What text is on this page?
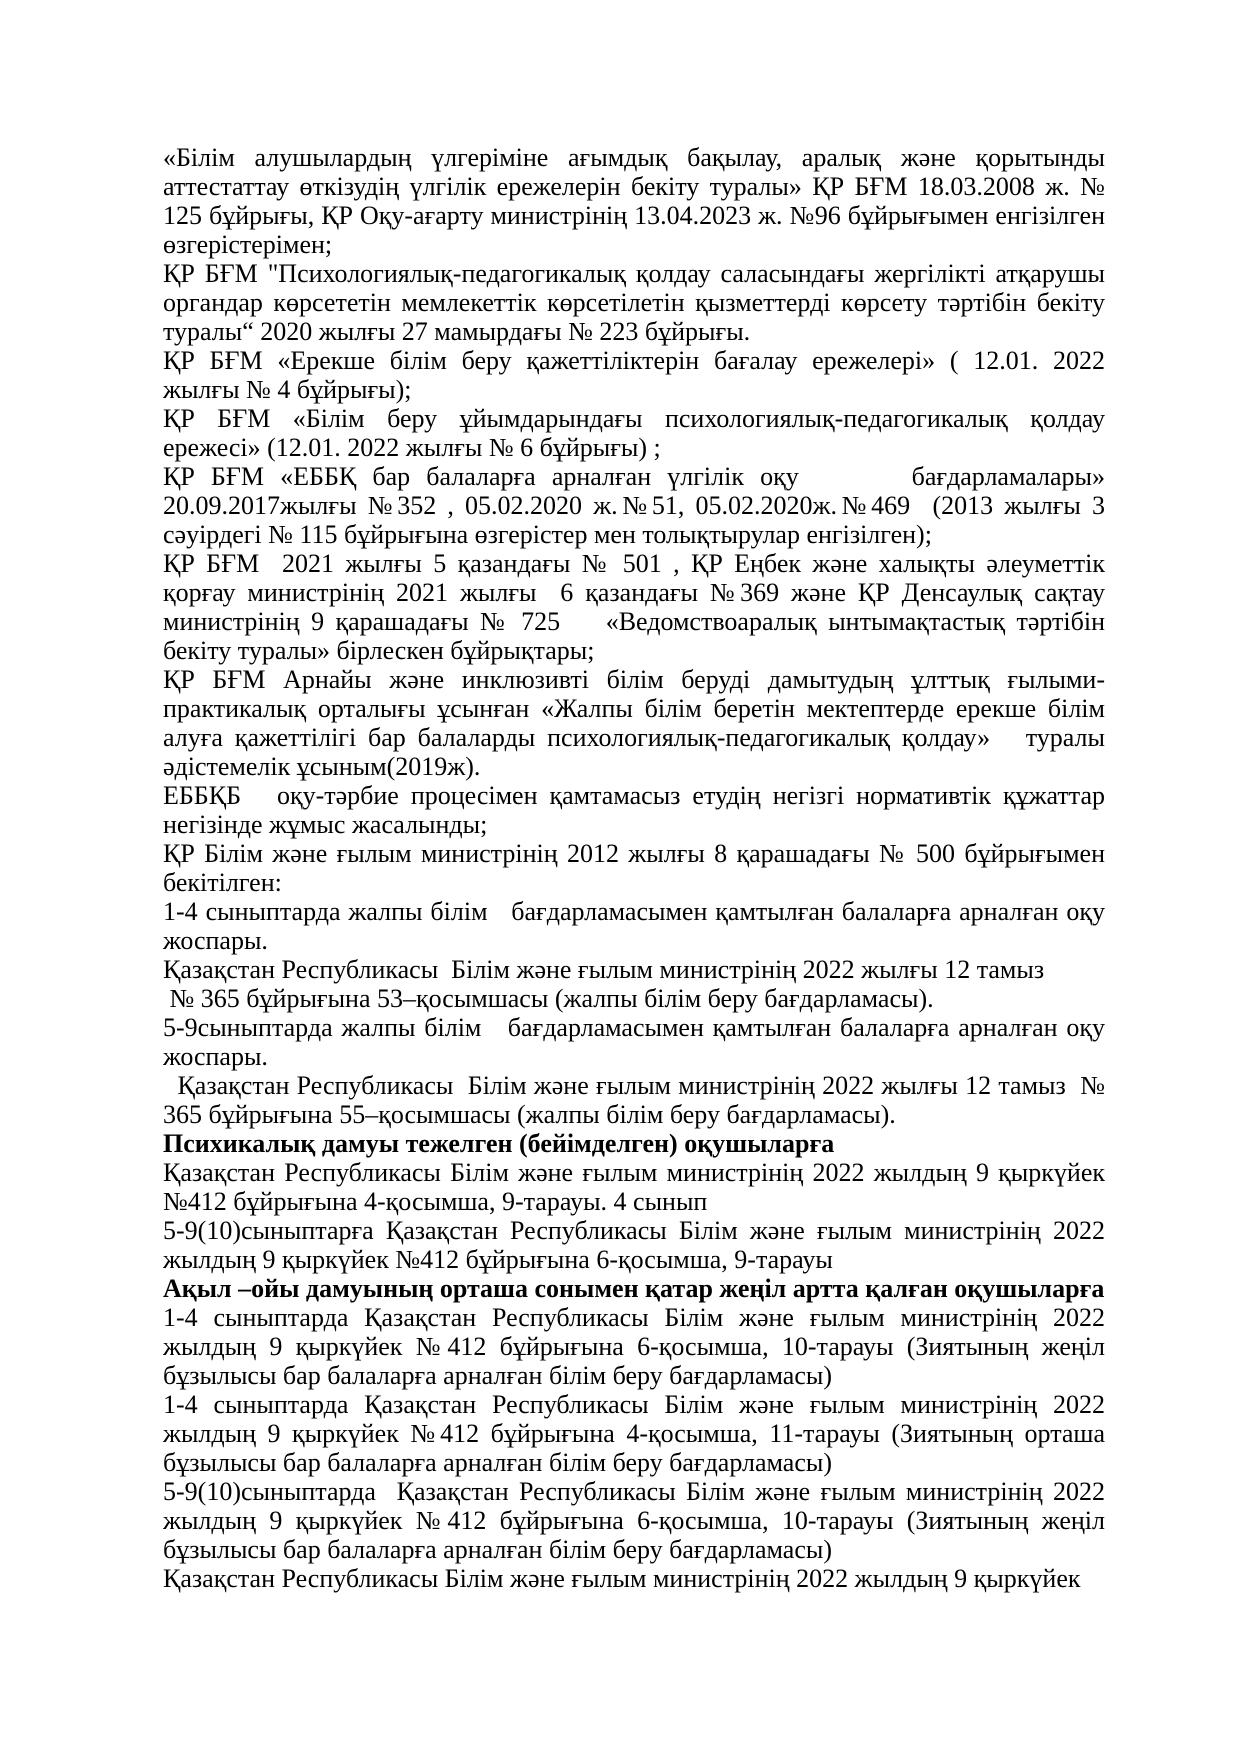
«Білім алушылардың үлгеріміне ағымдық бақылау, аралық және қорытынды аттестаттау өткізудің үлгілік ережелерін бекіту туралы» ҚР БҒМ 18.03.2008 ж. № 125 бұйрығы, ҚР Оқу-ағарту министрінің 13.04.2023 ж. №96 бұйрығымен енгізілген өзгерістерімен;

ҚР БҒМ "Психологиялық-педагогикалық қолдау саласындағы жергілікті атқарушы органдар көрсететін мемлекеттік көрсетілетін қызметтерді көрсету тәртібін бекіту туралы“ 2020 жылғы 27 мамырдағы № 223 бұйрығы.

ҚР БҒМ «Ерекше білім беру қажеттіліктерін бағалау ережелері» ( 12.01. 2022 жылғы № 4 бұйрығы);

ҚР БҒМ «Білім беру ұйымдарындағы психологиялық-педагогикалық қолдау ережесі» (12.01. 2022 жылғы № 6 бұйрығы) ;

ҚР БҒМ «ЕББҚ бар балаларға арналған үлгілік оқу       бағдарламалары» 20.09.2017жылғы №352 , 05.02.2020 ж.№51, 05.02.2020ж.№469  (2013 жылғы 3 сәуірдегі № 115 бұйрығына өзгерістер мен толықтырулар енгізілген);

ҚР БҒМ  2021 жылғы 5 қазандағы № 501 , ҚР Еңбек және халықты әлеуметтік қорғау министрінің 2021 жылғы  6 қазандағы №369 және ҚР Денсаулық сақтау министрінің 9 қарашадағы № 725    «Ведомствоаралық ынтымақтастық тәртібін бекіту туралы» бірлескен бұйрықтары;

ҚР БҒМ Арнайы және инклюзивті білім беруді дамытудың ұлттық ғылыми-практикалық орталығы ұсынған «Жалпы білім беретін мектептерде ерекше білім алуға қажеттілігі бар балаларды психологиялық-педагогикалық қолдау»   туралы әдістемелік ұсыным(2019ж).

ЕББҚБ   оқу-тәрбие процесімен қамтамасыз етудің негізгі нормативтік құжаттар негізінде жұмыс жасалынды;

ҚР Білім және ғылым министрінің 2012 жылғы 8 қарашадағы № 500 бұйрығымен бекітілген:

1-4 сыныптарда жалпы білім   бағдарламасымен қамтылған балаларға арналған оқу жоспары.

Қазақстан Республикасы  Білім және ғылым министрінің 2022 жылғы 12 тамыз

№ 365 бұйрығына 53–қосымшасы (жалпы білім беру бағдарламасы).

5-9сыныптарда жалпы білім   бағдарламасымен қамтылған балаларға арналған оқу жоспары.

Қазақстан Республикасы  Білім және ғылым министрінің 2022 жылғы 12 тамыз  № 365 бұйрығына 55–қосымшасы (жалпы білім беру бағдарламасы).

Психикалық дамуы тежелген (бейімделген) оқушыларға

Қазақстан Республикасы Білім және ғылым министрінің 2022 жылдың 9 қыркүйек №412 бұйрығына 4-қосымша, 9-тарауы. 4 сынып

5-9(10)сыныптарға Қазақстан Республикасы Білім және ғылым министрінің 2022 жылдың 9 қыркүйек №412 бұйрығына 6-қосымша, 9-тарауы

Ақыл –ойы дамуының орташа сонымен қатар жеңіл артта қалған оқушыларға

1-4 сыныптарда Қазақстан Республикасы Білім және ғылым министрінің 2022 жылдың 9 қыркүйек №412 бұйрығына 6-қосымша, 10-тарауы (Зиятының жеңіл бұзылысы бар балаларға арналған білім беру бағдарламасы)

1-4 сыныптарда Қазақстан Республикасы Білім және ғылым министрінің 2022 жылдың 9 қыркүйек №412 бұйрығына 4-қосымша, 11-тарауы (Зиятының орташа бұзылысы бар балаларға арналған білім беру бағдарламасы)

5-9(10)сыныптарда  Қазақстан Республикасы Білім және ғылым министрінің 2022 жылдың 9 қыркүйек №412 бұйрығына 6-қосымша, 10-тарауы (Зиятының жеңіл бұзылысы бар балаларға арналған білім беру бағдарламасы)

Қазақстан Республикасы Білім және ғылым министрінің 2022 жылдың 9 қыркүйек
